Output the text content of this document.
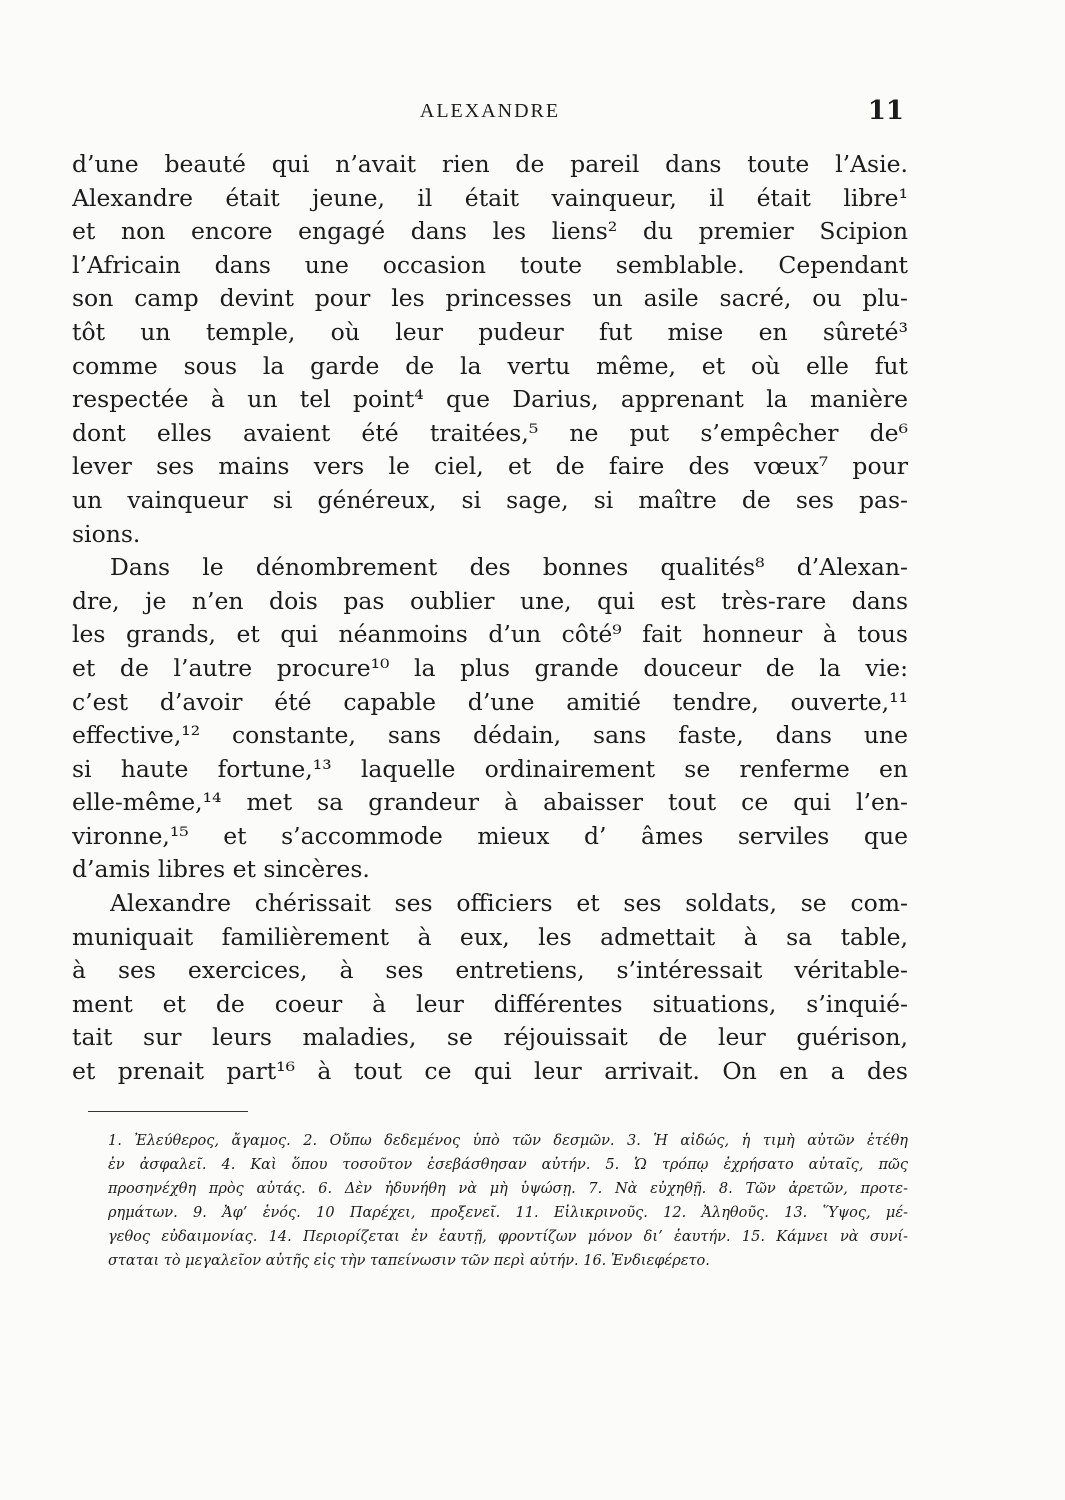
ALEXANDRE	11
d’une beauté qui n’avait rien de pareil dans toute l’Asie.
Alexandre était jeune, il était vainqueur, il était libre¹
et non encore engagé dans les liens² du premier Scipion
l’Africain dans une occasion toute semblable. Cependant
son camp devint pour les princesses un asile sacré, ou plu-
tôt un temple, où leur pudeur fut mise en sûreté³
comme sous la garde de la vertu même, et où elle fut
respectée à un tel point⁴ que Darius, apprenant la manière
dont elles avaient été traitées,⁵ ne put s’empêcher de⁶
lever ses mains vers le ciel, et de faire des vœux⁷ pour
un vainqueur si généreux, si sage, si maître de ses pas-
sions.
Dans le dénombrement des bonnes qualités⁸ d’Alexan-
dre, je n’en dois pas oublier une, qui est très-rare dans
les grands, et qui néanmoins d’un côté⁹ fait honneur à tous
et de l’autre procure¹⁰ la plus grande douceur de la vie:
c’est d’avoir été capable d’une amitié tendre, ouverte,¹¹
effective,¹² constante, sans dédain, sans faste, dans une
si haute fortune,¹³ laquelle ordinairement se renferme en
elle-même,¹⁴ met sa grandeur à abaisser tout ce qui l’en-
vironne,¹⁵ et s’accommode mieux d’ âmes serviles que
d’amis libres et sincères.
Alexandre chérissait ses officiers et ses soldats, se com-
muniquait familièrement à eux, les admettait à sa table,
à ses exercices, à ses entretiens, s’intéressait véritable-
ment et de coeur à leur différentes situations, s’inquié-
tait sur leurs maladies, se réjouissait de leur guérison,
et prenait part¹⁶ à tout ce qui leur arrivait. On en a des
1. Ἐλεύθερος, ἄγαμος. 2. Οὔπω δεδεμένος ὑπὸ τῶν δεσμῶν. 3. Ἡ αἰδώς, ἡ τιμὴ αὐτῶν ἐτέθη
ἐν ἀσφαλεῖ. 4. Καὶ ὅπου τοσοῦτον ἐσεβάσθησαν αὐτήν. 5. Ὡ τρόπῳ ἐχρήσατο αὐταῖς, πῶς
προσηνέχθη πρὸς αὐτάς. 6. Δὲν ἠδυνήθη νὰ μὴ ὑψώσῃ. 7. Νὰ εὐχηθῇ. 8. Τῶν ἀρετῶν, προτε-
ρημάτων. 9. Ἀφ’ ἑνός. 10 Παρέχει, προξενεῖ. 11. Εἰλικρινοῦς. 12. Ἀληθοῦς. 13. Ὕψος, μέ-
γεθος εὐδαιμονίας. 14. Περιορίζεται ἐν ἑαυτῇ, φροντίζων μόνον δι’ ἑαυτήν. 15. Κάμνει νὰ συνί-
σταται τὸ μεγαλεῖον αὐτῆς εἰς τὴν ταπείνωσιν τῶν περὶ αὐτήν. 16. Ἐνδιεφέρετο.
